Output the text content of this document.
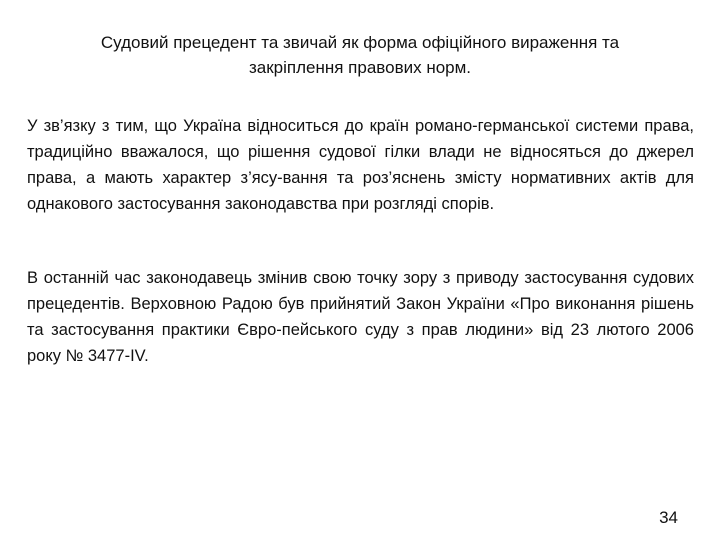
Судовий прецедент та звичай як форма офіційного вираження та закріплення правових норм.

У зв’язку з тим, що Україна відноситься до країн романо-германської системи права, традиційно вважалося, що рішення судової гілки влади не відносяться до джерел права, а мають характер з’ясу-вання та роз’яснень змісту нормативних актів для однакового застосування законодавства при розгляді спорів.

В останній час законодавець змінив свою точку зору з приводу застосування судових прецедентів. Верховною Радою був прийнятий Закон України «Про виконання рішень та застосування практики Євро-пейського суду з прав людини» від 23 лютого 2006 року № 3477-IV.

34
